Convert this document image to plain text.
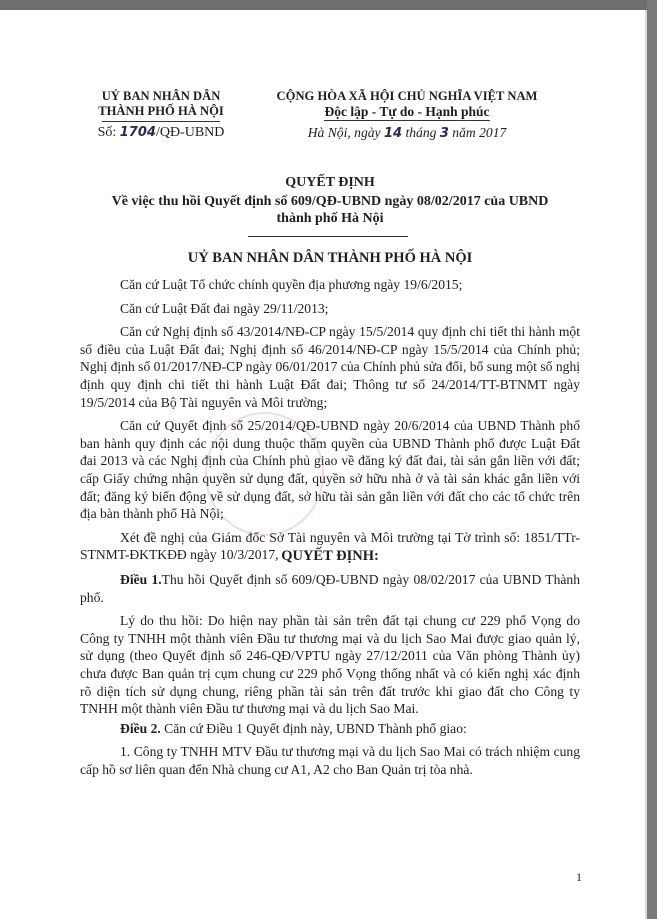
UỶ BAN NHÂN DÂN
THÀNH PHỐ HÀ NỘI
Số: 1704/QĐ-UBND
CỘNG HÒA XÃ HỘI CHỦ NGHĨA VIỆT NAM
Độc lập - Tự do - Hạnh phúc
Hà Nội, ngày 14 tháng 3 năm 2017
QUYẾT ĐỊNH
Về việc thu hồi Quyết định số 609/QĐ-UBND ngày 08/02/2017 của UBND
thành phố Hà Nội
UỶ BAN NHÂN DÂN THÀNH PHỐ HÀ NỘI

Căn cứ Luật Tổ chức chính quyền địa phương ngày 19/6/2015;

Căn cứ Luật Đất đai ngày 29/11/2013;

Căn cứ Nghị định số 43/2014/NĐ-CP ngày 15/5/2014 quy định chi tiết thi hành một số điều của Luật Đất đai; Nghị định số 46/2014/NĐ-CP ngày 15/5/2014 của Chính phủ; Nghị định số 01/2017/NĐ-CP ngày 06/01/2017 của Chính phủ sửa đổi, bổ sung một số nghị định quy định chi tiết thi hành Luật Đất đai; Thông tư số 24/2014/TT-BTNMT ngày 19/5/2014 của Bộ Tài nguyên và Môi trường;

Căn cứ Quyết định số 25/2014/QĐ-UBND ngày 20/6/2014 của UBND Thành phố ban hành quy định các nội dung thuộc thẩm quyền của UBND Thành phố được Luật Đất đai 2013 và các Nghị định của Chính phủ giao về đăng ký đất đai, tài sản gắn liền với đất; cấp Giấy chứng nhận quyền sử dụng đất, quyền sở hữu nhà ở và tài sản khác gắn liền với đất; đăng ký biến động về sử dụng đất, sở hữu tài sản gắn liền với đất cho các tổ chức trên địa bàn thành phố Hà Nội;

Xét đề nghị của Giám đốc Sở Tài nguyên và Môi trường tại Tờ trình số: 1851/TTr-STNMT-ĐKTKĐĐ ngày 10/3/2017, QUYẾT ĐỊNH:

Điều 1.Thu hồi Quyết định số 609/QĐ-UBND ngày 08/02/2017 của UBND Thành phố.

Lý do thu hồi: Do hiện nay phần tài sản trên đất tại chung cư 229 phố Vọng do Công ty TNHH một thành viên Đầu tư thương mại và du lịch Sao Mai được giao quản lý, sử dụng (theo Quyết định số 246-QĐ/VPTU ngày 27/12/2011 của Văn phòng Thành ủy) chưa được Ban quản trị cụm chung cư 229 phố Vọng thống nhất và có kiến nghị xác định rõ diện tích sử dụng chung, riêng phần tài sản trên đất trước khi giao đất cho Công ty TNHH một thành viên Đầu tư thương mại và du lịch Sao Mai.

Điều 2. Căn cứ Điều 1 Quyết định này, UBND Thành phố giao:

1. Công ty TNHH MTV Đầu tư thương mại và du lịch Sao Mai có trách nhiệm cung cấp hồ sơ liên quan đến Nhà chung cư A1, A2 cho Ban Quản trị tòa nhà.

1
